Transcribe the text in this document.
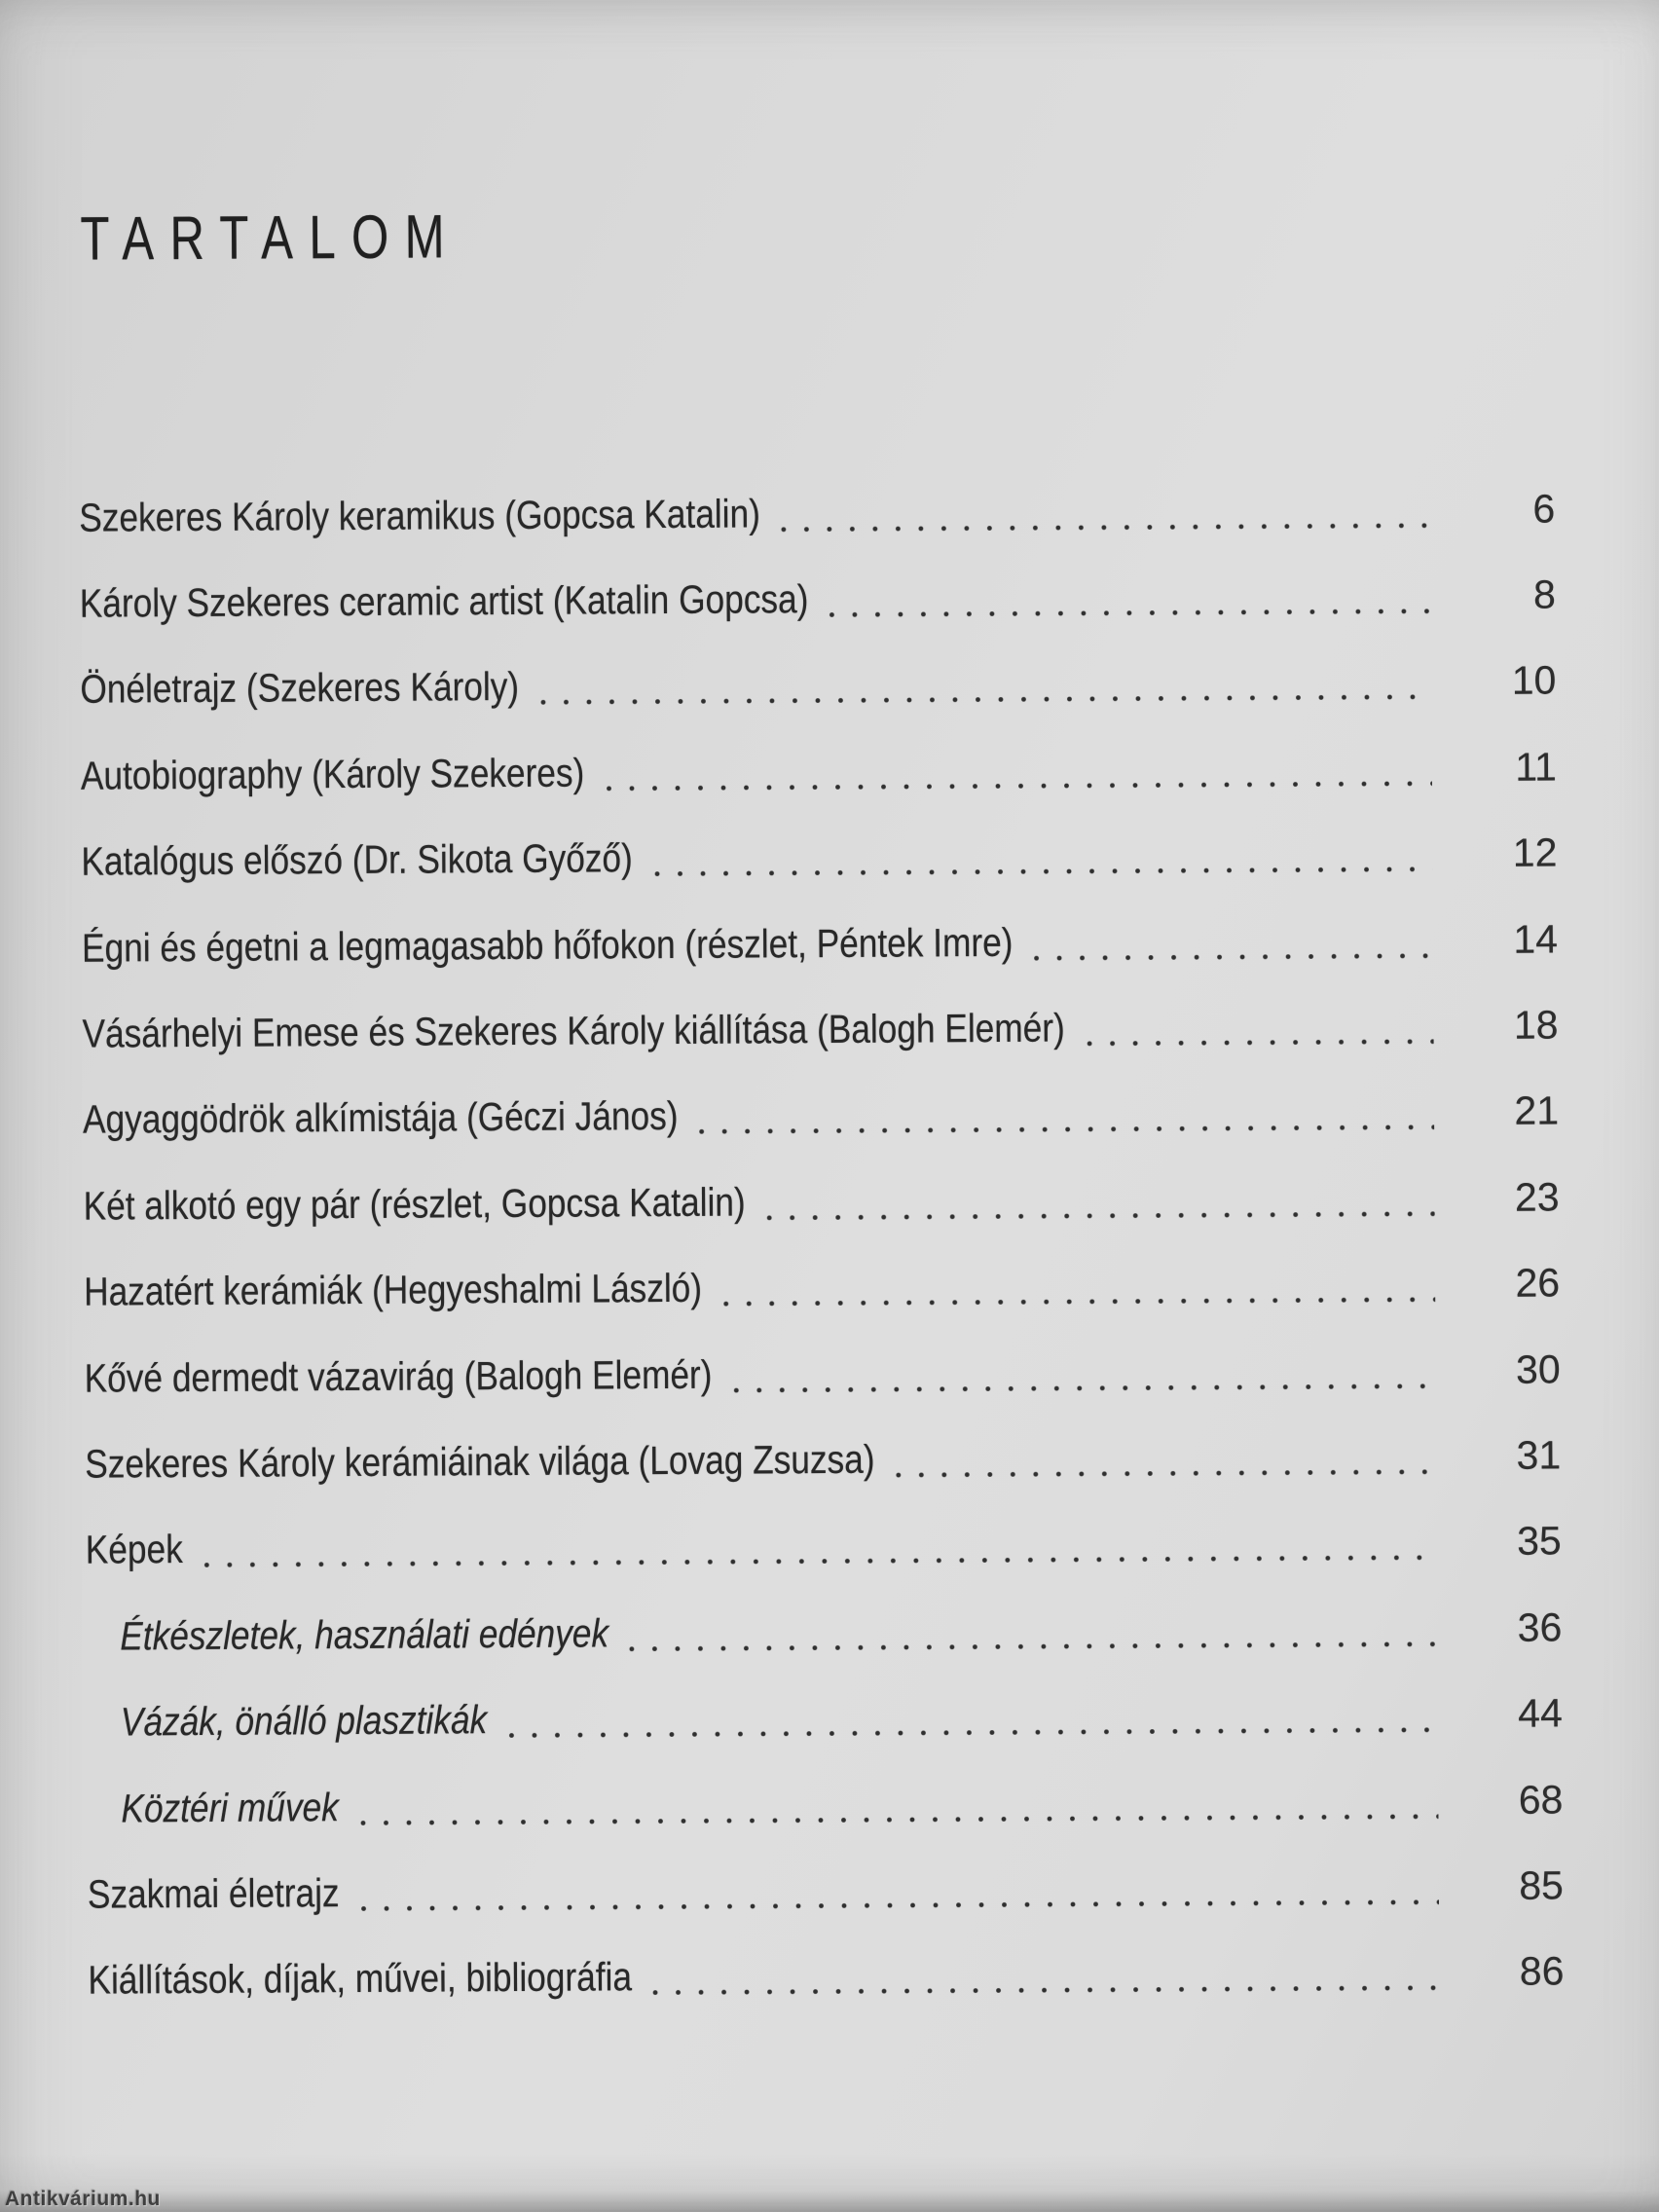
TARTALOM
Szekeres Károly keramikus (Gopcsa Katalin)	6
Károly Szekeres ceramic artist (Katalin Gopcsa)	8
Önéletrajz (Szekeres Károly)	10
Autobiography (Károly Szekeres)	11
Katalógus előszó (Dr. Sikota Győző)	12
Égni és égetni a legmagasabb hőfokon (részlet, Péntek Imre)	14
Vásárhelyi Emese és Szekeres Károly kiállítása (Balogh Elemér)	18
Agyaggödrök alkímistája (Géczi János)	21
Két alkotó egy pár (részlet, Gopcsa Katalin)	23
Hazatért kerámiák (Hegyeshalmi László)	26
Kővé dermedt vázavirág (Balogh Elemér)	30
Szekeres Károly kerámiáinak világa (Lovag Zsuzsa)	31
Képek	35
Étkészletek, használati edények	36
Vázák, önálló plasztikák	44
Köztéri művek	68
Szakmai életrajz	85
Kiállítások, díjak, művei, bibliográfia	86
Antikvárium.hu
